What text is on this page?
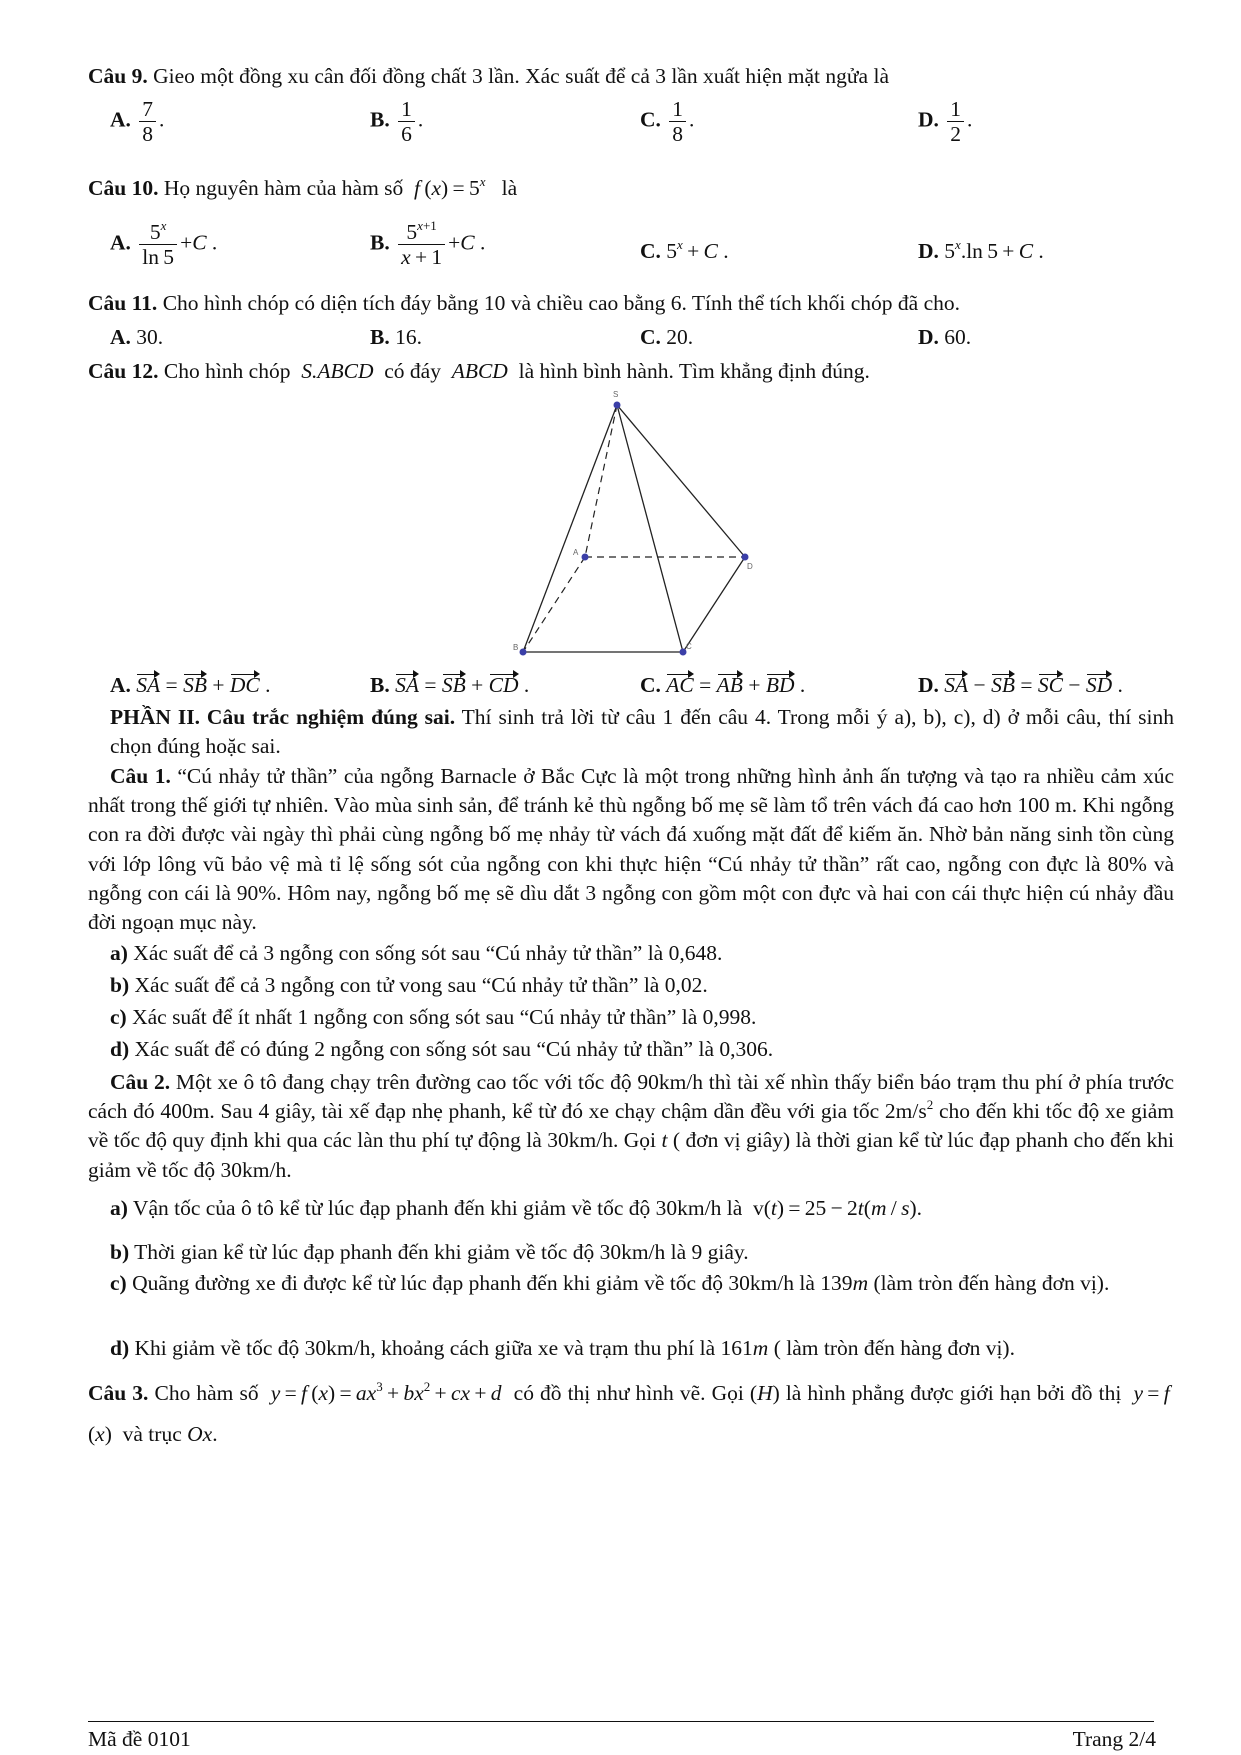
Câu 9. Gieo một đồng xu cân đối đồng chất 3 lần. Xác suất để cả 3 lần xuất hiện mặt ngửa là
A. $\frac{7}{8}$ .	B. $\frac{1}{6}$ .	C. $\frac{1}{8}$ .	D. $\frac{1}{2}$ .
Câu 10. Họ nguyên hàm của hàm số f $(x) = 5^x$ là
A. $\frac{5^x}{\ln 5} +C$ .	B. $\frac{5^{x+1}}{x + 1} +C$ .	C. $5^x + C$ .	D. 5$^x$.ln 5 + C .
Câu 11. Cho hình chóp có diện tích đáy bằng 10 và chiều cao bằng 6. Tính thể tích khối chóp đã cho.
A. 30.	B. 16.	C. 20.	D. 60.
Câu 12. Cho hình chóp S.ABCD có đáy ABCD là hình bình hành. Tìm khẳng định đúng.
S
A
B	C
D
A. SA = SB + DC .	B. SA = SB + CD .	C. AC = AB + BD .	D. SA − SB = SC − SD .
PHẦN II. Câu trắc nghiệm đúng sai. Thí sinh trả lời từ câu 1 đến câu 4. Trong mỗi ý a), b), c), d) ở mỗi câu, thí sinh chọn đúng hoặc sai.
Câu 1. “Cú nhảy tử thần” của ngỗng Barnacle ở Bắc Cực là một trong những hình ảnh ấn tượng và tạo ra nhiều cảm xúc nhất trong thế giới tự nhiên. Vào mùa sinh sản, để tránh kẻ thù ngỗng bố mẹ sẽ làm tổ trên vách đá cao hơn 100 m. Khi ngỗng con ra đời được vài ngày thì phải cùng ngỗng bố mẹ nhảy từ vách đá xuống mặt đất để kiếm ăn. Nhờ bản năng sinh tồn cùng với lớp lông vũ bảo vệ mà tỉ lệ sống sót của ngỗng con khi thực hiện “Cú nhảy tử thần” rất cao, ngỗng con đực là 80% và ngỗng con cái là 90%. Hôm nay, ngỗng bố mẹ sẽ dìu dắt 3 ngỗng con gồm một con đực và hai con cái thực hiện cú nhảy đầu đời ngoạn mục này.
a) Xác suất để cả 3 ngỗng con sống sót sau “Cú nhảy tử thần” là 0,648.
b) Xác suất để cả 3 ngỗng con tử vong sau “Cú nhảy tử thần” là 0,02.
c) Xác suất để ít nhất 1 ngỗng con sống sót sau “Cú nhảy tử thần” là 0,998.
d) Xác suất để có đúng 2 ngỗng con sống sót sau “Cú nhảy tử thần” là 0,306.
Câu 2. Một xe ô tô đang chạy trên đường cao tốc với tốc độ 90km/h thì tài xế nhìn thấy biển báo trạm thu phí ở phía trước cách đó 400m. Sau 4 giây, tài xế đạp nhẹ phanh, kể từ đó xe chạy chậm dần đều với gia tốc $2m/s^2$ cho đến khi tốc độ xe giảm về tốc độ quy định khi qua các làn thu phí tự động là 30km/h. Gọi t ( đơn vị giây) là thời gian kể từ lúc đạp phanh cho đến khi giảm về tốc độ 30km/h.
a) Vận tốc của ô tô kể từ lúc đạp phanh đến khi giảm về tốc độ 30km/h là  v(t) = 25 − 2t(m / s).
b) Thời gian kể từ lúc đạp phanh đến khi giảm về tốc độ 30km/h là 9 giây.
c) Quãng đường xe đi được kể từ lúc đạp phanh đến khi giảm về tốc độ 30km/h là 139m (làm tròn đến hàng đơn vị).
d) Khi giảm về tốc độ 30km/h, khoảng cách giữa xe và trạm thu phí là 161m ( làm tròn đến hàng đơn vị).
Câu 3. Cho hàm số y = f $(x) = ax^3 + bx^2$ + cx + d có đồ thị như hình vẽ. Gọi (H) là hình phẳng được giới hạn bởi đồ thị y = f (x)  và trục Ox.
Mã đề 0101	Trang 2/4
